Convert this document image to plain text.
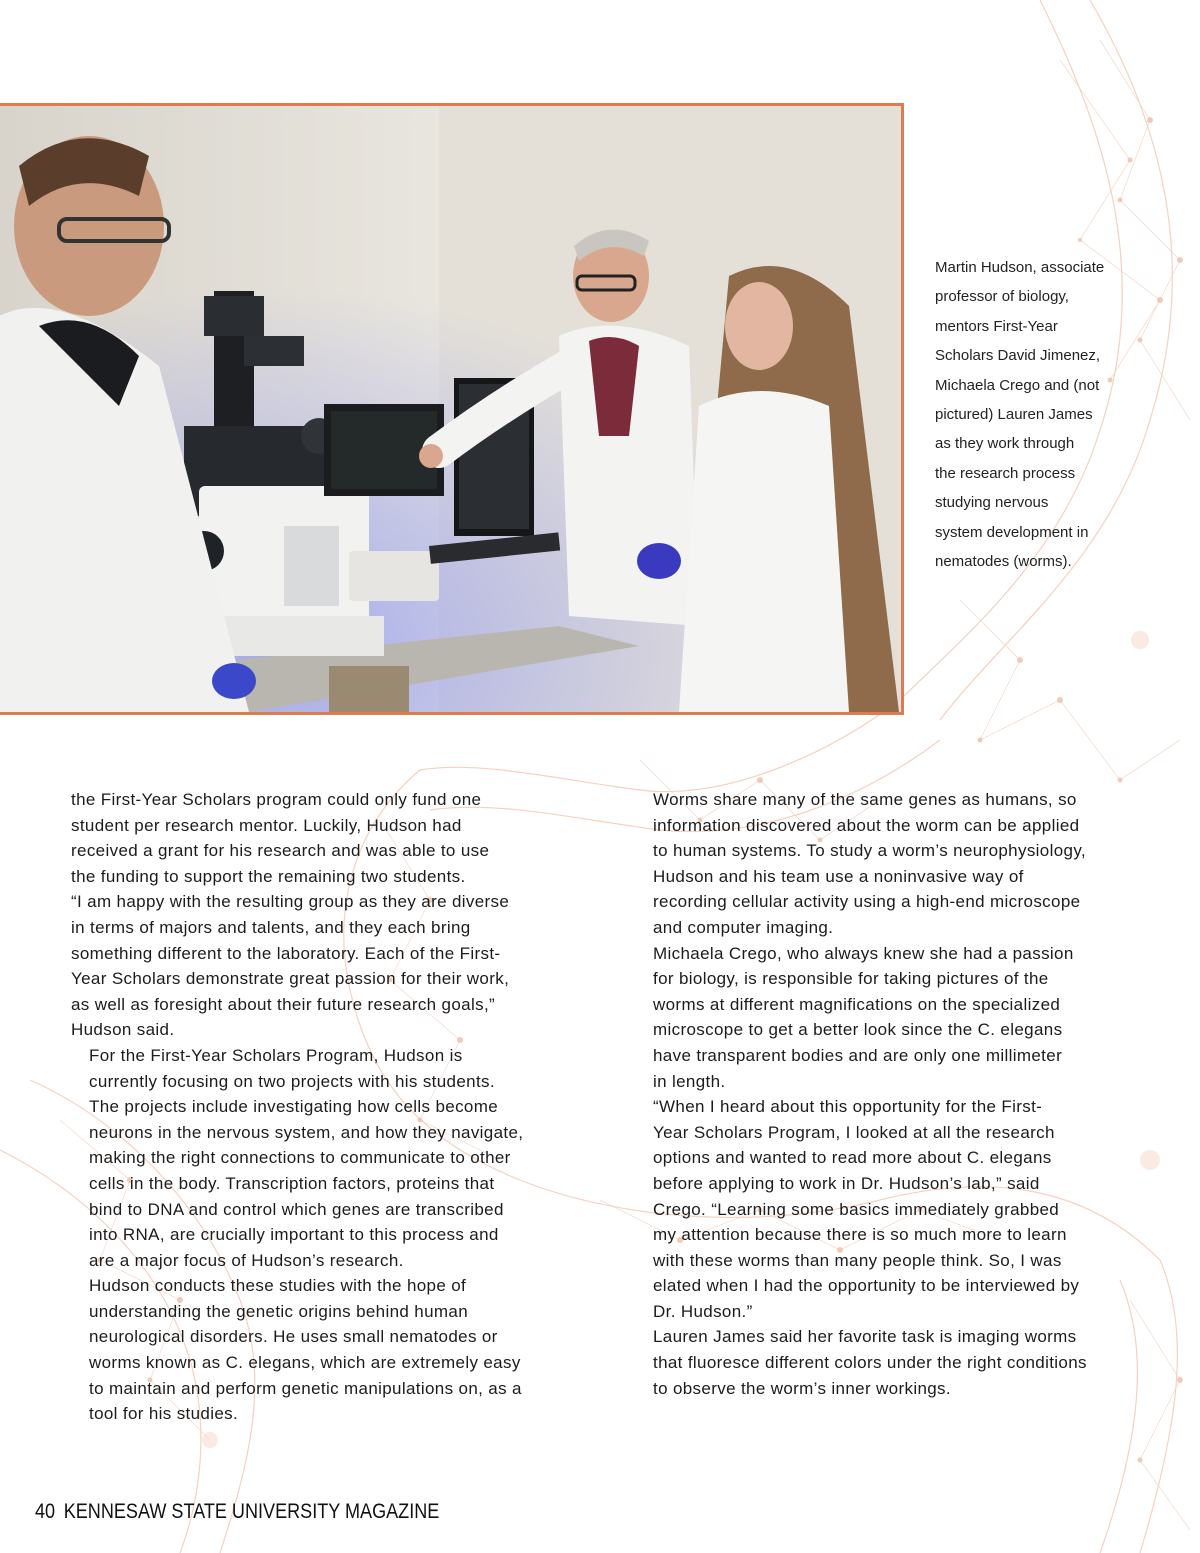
Martin Hudson, associate
professor of biology,
mentors First-Year
Scholars David Jimenez,
Michaela Crego and (not
pictured) Lauren James
as they work through
the research process
studying nervous
system development in
nematodes (worms).

the First-Year Scholars program could only fund one
student per research mentor. Luckily, Hudson had
received a grant for his research and was able to use
the funding to support the remaining two students.
“I am happy with the resulting group as they are diverse
in terms of majors and talents, and they each bring
something different to the laboratory. Each of the First-
Year Scholars demonstrate great passion for their work,
as well as foresight about their future research goals,”
Hudson said.

For the First-Year Scholars Program, Hudson is
currently focusing on two projects with his students.
The projects include investigating how cells become
neurons in the nervous system, and how they navigate,
making the right connections to communicate to other
cells in the body. Transcription factors, proteins that
bind to DNA and control which genes are transcribed
into RNA, are crucially important to this process and
are a major focus of Hudson’s research.

Hudson conducts these studies with the hope of
understanding the genetic origins behind human
neurological disorders. He uses small nematodes or
worms known as C. elegans, which are extremely easy
to maintain and perform genetic manipulations on, as a
tool for his studies.

Worms share many of the same genes as humans, so
information discovered about the worm can be applied
to human systems. To study a worm’s neurophysiology,
Hudson and his team use a noninvasive way of
recording cellular activity using a high-end microscope
and computer imaging.

Michaela Crego, who always knew she had a passion
for biology, is responsible for taking pictures of the
worms at different magnifications on the specialized
microscope to get a better look since the C. elegans
have transparent bodies and are only one millimeter
in length.

“When I heard about this opportunity for the First-
Year Scholars Program, I looked at all the research
options and wanted to read more about C. elegans
before applying to work in Dr. Hudson’s lab,” said
Crego. “Learning some basics immediately grabbed
my attention because there is so much more to learn
with these worms than many people think. So, I was
elated when I had the opportunity to be interviewed by
Dr. Hudson.”

Lauren James said her favorite task is imaging worms
that fluoresce different colors under the right conditions
to observe the worm’s inner workings.

40 KENNESAW STATE UNIVERSITY MAGAZINE
